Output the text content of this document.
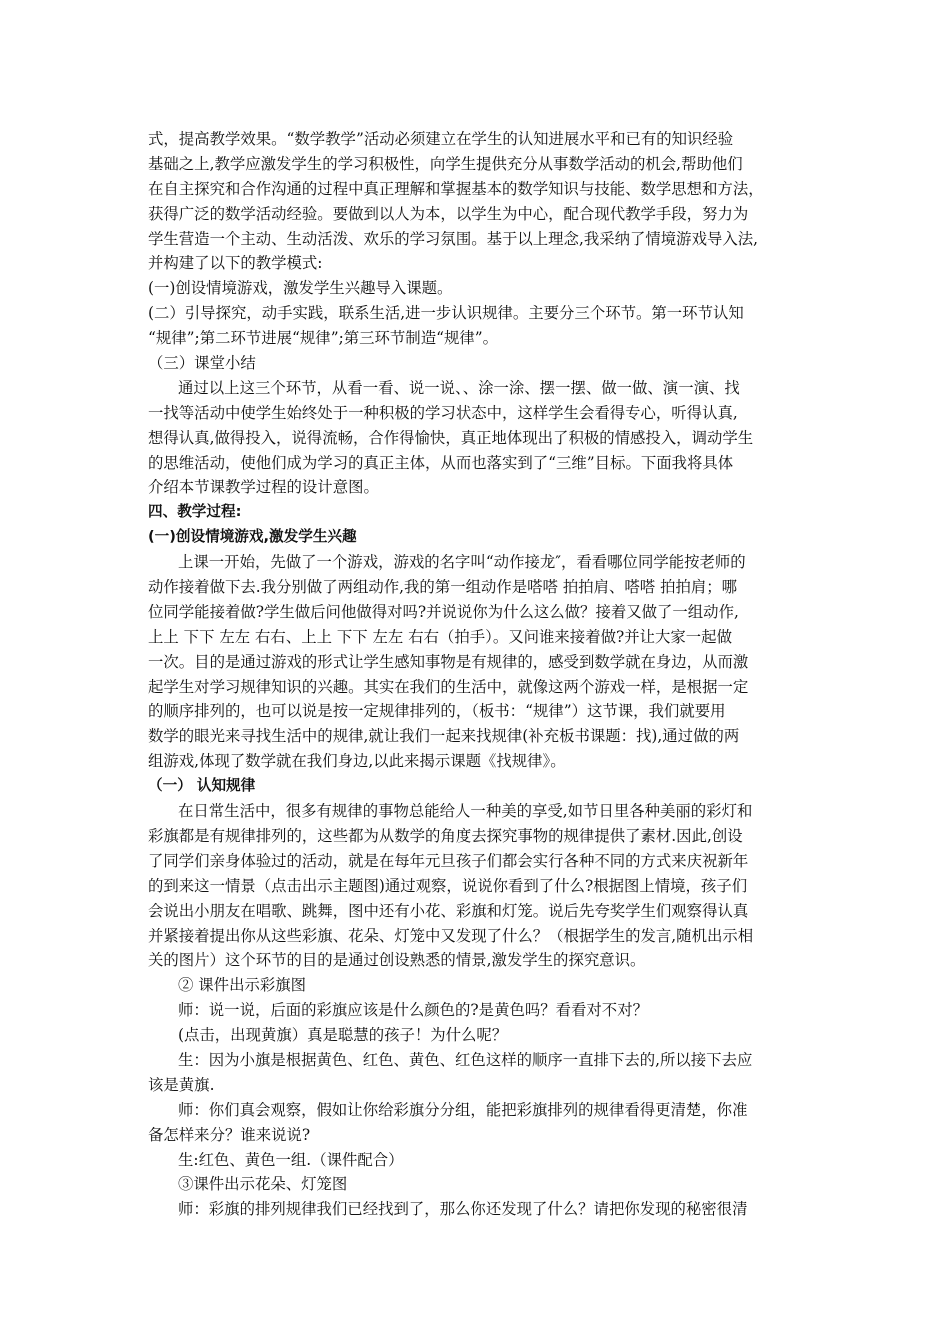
式，提高教学效果。“数学教学”活动必须建立在学生的认知进展水平和已有的知识经验
基础之上,教学应激发学生的学习积极性，向学生提供充分从事数学活动的机会,帮助他们
在自主探究和合作沟通的过程中真正理解和掌握基本的数学知识与技能、数学思想和方法，
获得广泛的数学活动经验。要做到以人为本，以学生为中心，配合现代教学手段，努力为
学生营造一个主动、生动活泼、欢乐的学习氛围。基于以上理念,我采纳了情境游戏导入法,
并构建了以下的教学模式:
(一)创设情境游戏，激发学生兴趣导入课题。
(二）引导探究，动手实践，联系生活,进一步认识规律。主要分三个环节。第一环节认知
“规律”;第二环节进展“规律”;第三环节制造“规律”。
（三）课堂小结
通过以上这三个环节，从看一看、说一说、、涂一涂、摆一摆、做一做、演一演、找
一找等活动中使学生始终处于一种积极的学习状态中，这样学生会看得专心，听得认真,
想得认真,做得投入，说得流畅，合作得愉快，真正地体现出了积极的情感投入，调动学生
的思维活动，使他们成为学习的真正主体，从而也落实到了“三维”目标。下面我将具体
介绍本节课教学过程的设计意图。
四、教学过程:
(一)创设情境游戏,激发学生兴趣
上课一开始，先做了一个游戏，游戏的名字叫“动作接龙″，看看哪位同学能按老师的
动作接着做下去.我分别做了两组动作,我的第一组动作是嗒嗒 拍拍肩、嗒嗒 拍拍肩；哪
位同学能接着做?学生做后问他做得对吗?并说说你为什么这么做？接着又做了一组动作,
上上 下下 左左 右右、上上 下下 左左 右右（拍手）。又问谁来接着做?并让大家一起做
一次。目的是通过游戏的形式让学生感知事物是有规律的，感受到数学就在身边，从而激
起学生对学习规律知识的兴趣。其实在我们的生活中，就像这两个游戏一样，是根据一定
的顺序排列的，也可以说是按一定规律排列的，（板书：“规律”）这节课，我们就要用
数学的眼光来寻找生活中的规律,就让我们一起来找规律(补充板书课题：找),通过做的两
组游戏,体现了数学就在我们身边,以此来揭示课题《找规律》。
（一） 认知规律
在日常生活中，很多有规律的事物总能给人一种美的享受,如节日里各种美丽的彩灯和
彩旗都是有规律排列的，这些都为从数学的角度去探究事物的规律提供了素材.因此,创设
了同学们亲身体验过的活动，就是在每年元旦孩子们都会实行各种不同的方式来庆祝新年
的到来这一情景（点击出示主题图)通过观察，说说你看到了什么?根据图上情境，孩子们
会说出小朋友在唱歌、跳舞，图中还有小花、彩旗和灯笼。说后先夸奖学生们观察得认真
并紧接着提出你从这些彩旗、花朵、灯笼中又发现了什么？（根据学生的发言,随机出示相
关的图片）这个环节的目的是通过创设熟悉的情景,激发学生的探究意识。
② 课件出示彩旗图
师：说一说，后面的彩旗应该是什么颜色的?是黄色吗？看看对不对？
(点击，出现黄旗）真是聪慧的孩子！为什么呢？
生：因为小旗是根据黄色、红色、黄色、红色这样的顺序一直排下去的,所以接下去应
该是黄旗.
师：你们真会观察，假如让你给彩旗分分组，能把彩旗排列的规律看得更清楚，你准
备怎样来分？谁来说说?
生:红色、黄色一组.（课件配合）
③课件出示花朵、灯笼图
师：彩旗的排列规律我们已经找到了，那么你还发现了什么？请把你发现的秘密很清
